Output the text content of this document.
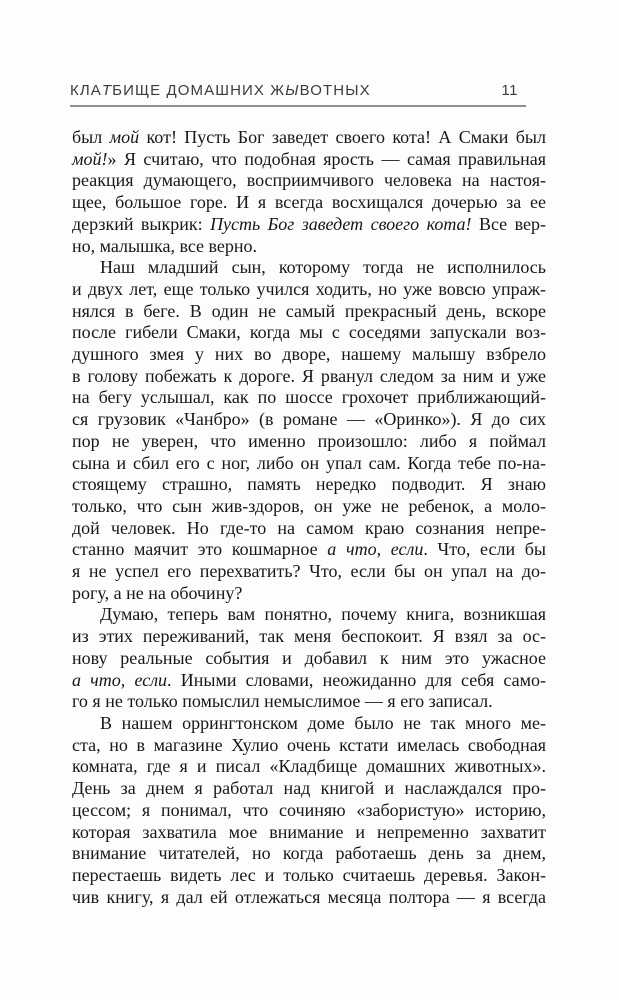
КЛАТБИЩЕ ДОМАШНИХ ЖЫВОТНЫХ	11
был мой кот! Пусть Бог заведет своего кота! А Смаки был
мой!» Я считаю, что подобная ярость — самая правильная
реакция думающего, восприимчивого человека на настоя-
щее, большое горе. И я всегда восхищался дочерью за ее
дерзкий выкрик: Пусть Бог заведет своего кота! Все вер-
но, малышка, все верно.
Наш младший сын, которому тогда не исполнилось
и двух лет, еще только учился ходить, но уже вовсю упраж-
нялся в беге. В один не самый прекрасный день, вскоре
после гибели Смаки, когда мы с соседями запускали воз-
душного змея у них во дворе, нашему малышу взбрело
в голову побежать к дороге. Я рванул следом за ним и уже
на бегу услышал, как по шоссе грохочет приближающий-
ся грузовик «Чанбро» (в романе — «Оринко»). Я до сих
пор не уверен, что именно произошло: либо я поймал
сына и сбил его с ног, либо он упал сам. Когда тебе по-на-
стоящему страшно, память нередко подводит. Я знаю
только, что сын жив-здоров, он уже не ребенок, а моло-
дой человек. Но где-то на самом краю сознания непре-
станно маячит это кошмарное а что, если. Что, если бы
я не успел его перехватить? Что, если бы он упал на до-
рогу, а не на обочину?
Думаю, теперь вам понятно, почему книга, возникшая
из этих переживаний, так меня беспокоит. Я взял за ос-
нову реальные события и добавил к ним это ужасное
а что, если. Иными словами, неожиданно для себя само-
го я не только помыслил немыслимое — я его записал.
В нашем оррингтонском доме было не так много ме-
ста, но в магазине Хулио очень кстати имелась свободная
комната, где я и писал «Кладбище домашних животных».
День за днем я работал над книгой и наслаждался про-
цессом; я понимал, что сочиняю «забористую» историю,
которая захватила мое внимание и непременно захватит
внимание читателей, но когда работаешь день за днем,
перестаешь видеть лес и только считаешь деревья. Закон-
чив книгу, я дал ей отлежаться месяца полтора — я всегда
